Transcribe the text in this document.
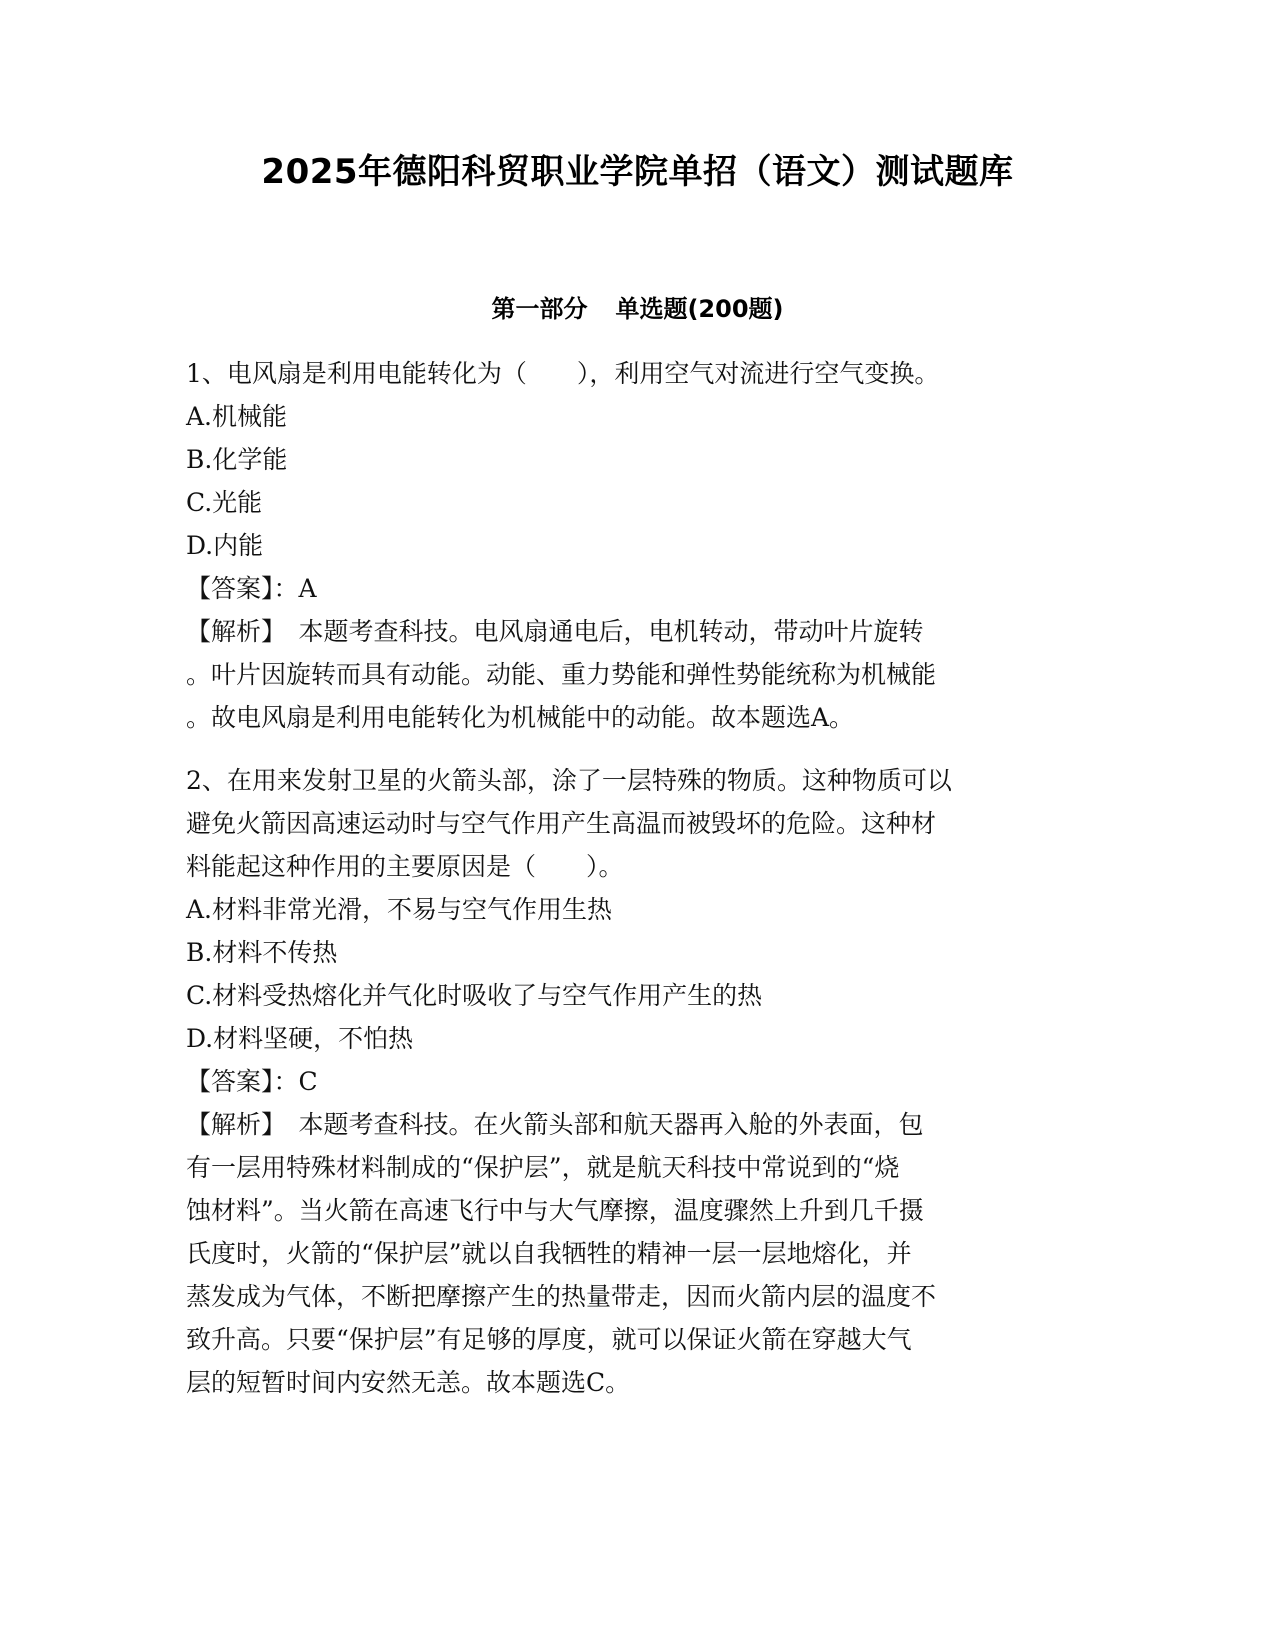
2025年德阳科贸职业学院单招（语文）测试题库
第一部分 单选题(200题)
1、电风扇是利用电能转化为（　　），利用空气对流进行空气变换。
A.机械能
B.化学能
C.光能
D.内能
【答案】：A
【解析】　本题考查科技。电风扇通电后，电机转动，带动叶片旋转
。叶片因旋转而具有动能。动能、重力势能和弹性势能统称为机械能
。故电风扇是利用电能转化为机械能中的动能。故本题选A。
2、在用来发射卫星的火箭头部，涂了一层特殊的物质。这种物质可以
避免火箭因高速运动时与空气作用产生高温而被毁坏的危险。这种材
料能起这种作用的主要原因是（　　）。
A.材料非常光滑，不易与空气作用生热
B.材料不传热
C.材料受热熔化并气化时吸收了与空气作用产生的热
D.材料坚硬，不怕热
【答案】：C
【解析】　本题考查科技。在火箭头部和航天器再入舱的外表面，包
有一层用特殊材料制成的“保护层”，就是航天科技中常说到的“烧
蚀材料”。当火箭在高速飞行中与大气摩擦，温度骤然上升到几千摄
氏度时，火箭的“保护层”就以自我牺牲的精神一层一层地熔化，并
蒸发成为气体，不断把摩擦产生的热量带走，因而火箭内层的温度不
致升高。只要“保护层”有足够的厚度，就可以保证火箭在穿越大气
层的短暂时间内安然无恙。故本题选C。
